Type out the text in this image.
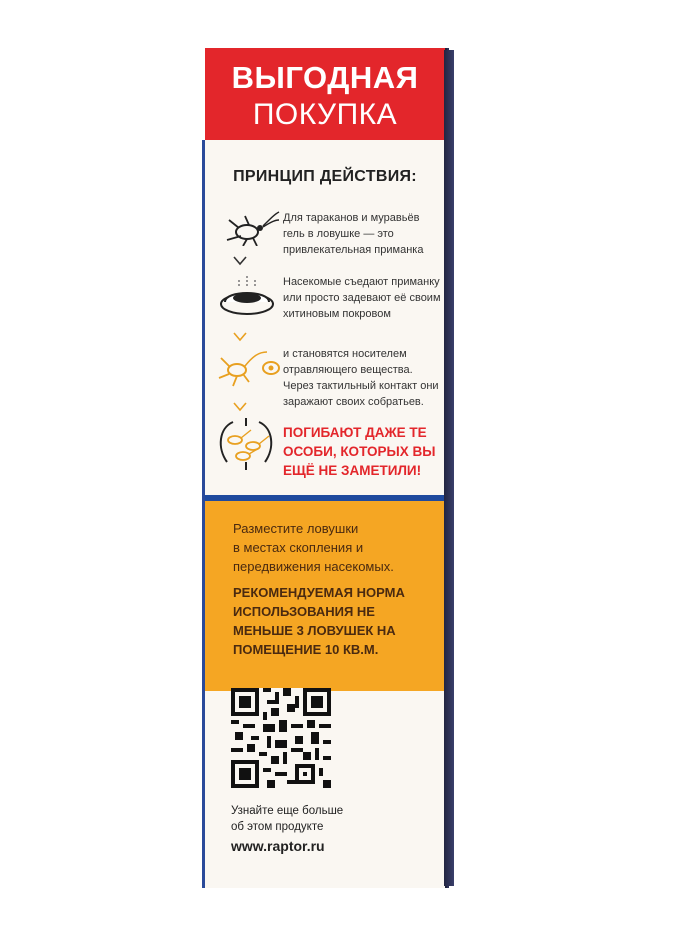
ВЫГОДНАЯ
ПОКУПКА
ПРИНЦИП ДЕЙСТВИЯ:
Для тараканов и муравьёв
гель в ловушке — это
привлекательная приманка
Насекомые съедают приманку
или просто задевают её своим
хитиновым покровом
и становятся носителем
отравляющего вещества.
Через тактильный контакт они
заражают своих собратьев.
ПОГИБАЮТ ДАЖЕ ТЕ
ОСОБИ, КОТОРЫХ ВЫ
ЕЩЁ НЕ ЗАМЕТИЛИ!
Разместите ловушки
в местах скопления и
передвижения насекомых.
РЕКОМЕНДУЕМАЯ НОРМА
ИСПОЛЬЗОВАНИЯ НЕ
МЕНЬШЕ 3 ЛОВУШЕК НА
ПОМЕЩЕНИЕ 10 КВ.М.
Узнайте еще больше
об этом продукте
www.raptor.ru
